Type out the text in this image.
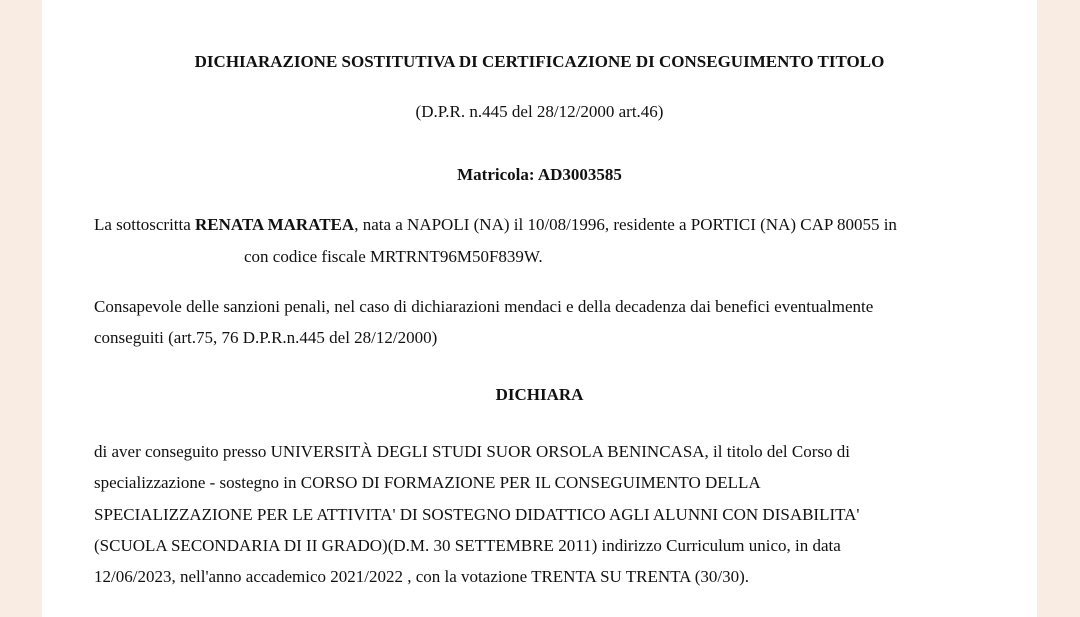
DICHIARAZIONE SOSTITUTIVA DI CERTIFICAZIONE DI CONSEGUIMENTO TITOLO
(D.P.R. n.445 del 28/12/2000 art.46)
Matricola: AD3003585
La sottoscritta RENATA MARATEA, nata a NAPOLI (NA) il 10/08/1996, residente a PORTICI (NA) CAP 80055 in
con codice fiscale MRTRNT96M50F839W.
Consapevole delle sanzioni penali, nel caso di dichiarazioni mendaci e della decadenza dai benefici eventualmente
conseguiti (art.75, 76 D.P.R.n.445 del 28/12/2000)
DICHIARA
di aver conseguito presso UNIVERSITÀ DEGLI STUDI SUOR ORSOLA BENINCASA, il titolo del Corso di
specializzazione - sostegno in CORSO DI FORMAZIONE PER IL CONSEGUIMENTO DELLA
SPECIALIZZAZIONE PER LE ATTIVITA' DI SOSTEGNO DIDATTICO AGLI ALUNNI CON DISABILITA'
(SCUOLA SECONDARIA DI II GRADO)(D.M. 30 SETTEMBRE 2011) indirizzo Curriculum unico, in data
12/06/2023, nell'anno accademico 2021/2022 , con la votazione TRENTA SU TRENTA (30/30).
